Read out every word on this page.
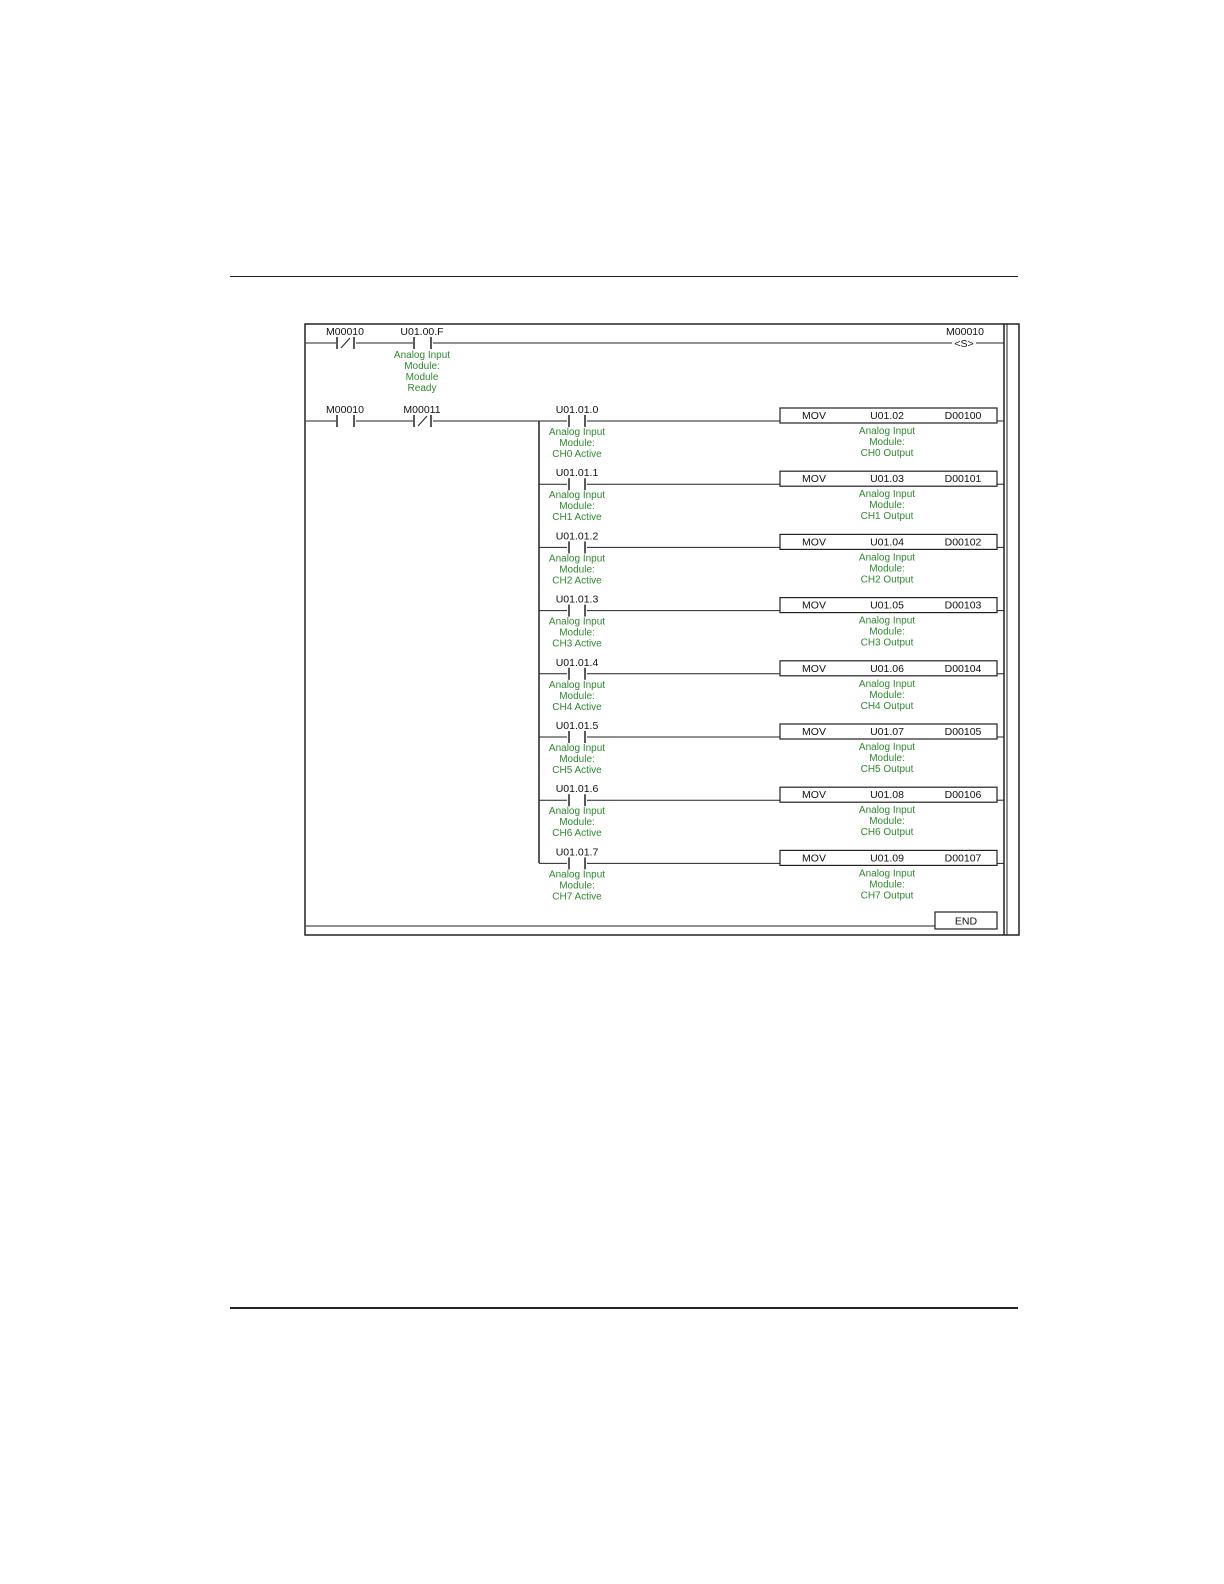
M00010	U01.00.F
Analog Input
Module:
Module
Ready
<S>
M00010
M00010	M00011	U01.01.0
Analog Input
Module:
CH0 Active
MOV	U01.02	D00100
Analog Input
Module:
CH0 Output
U01.01.1
Analog Input
Module:
CH1 Active
MOV	U01.03	D00101
Analog Input
Module:
CH1 Output
U01.01.2
Analog Input
Module:
CH2 Active
MOV	U01.04	D00102
Analog Input
Module:
CH2 Output
U01.01.3
Analog Input
Module:
CH3 Active
MOV	U01.05	D00103
Analog Input
Module:
CH3 Output
U01.01.4
Analog Input
Module:
CH4 Active
MOV	U01.06	D00104
Analog Input
Module:
CH4 Output
U01.01.5
Analog Input
Module:
CH5 Active
MOV	U01.07	D00105
Analog Input
Module:
CH5 Output
U01.01.6
Analog Input
Module:
CH6 Active
MOV	U01.08	D00106
Analog Input
Module:
CH6 Output
U01.01.7
Analog Input
Module:
CH7 Active
MOV	U01.09	D00107
Analog Input
Module:
CH7 Output
END
